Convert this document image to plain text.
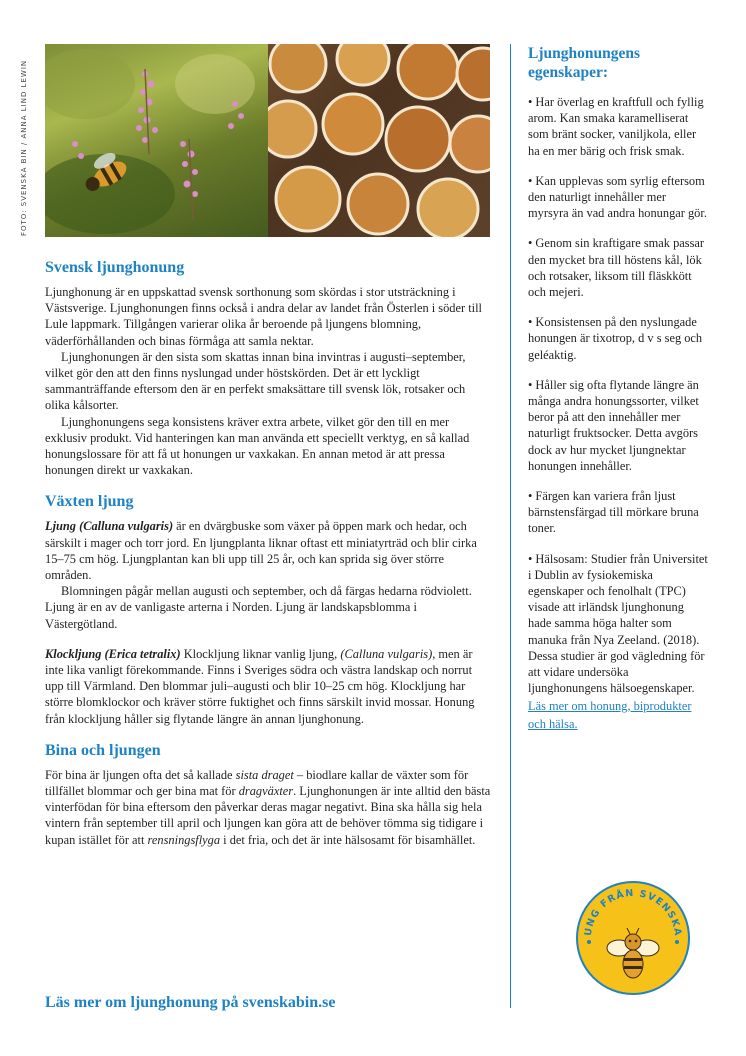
FOTO: SVENSKA BIN / ANNA LIND LEWIN
Svensk ljunghonung

Ljunghonung är en uppskattad svensk sorthonung som skördas i stor utsträckning i Västsverige. Ljunghonungen finns också i andra delar av landet från Österlen i söder till Lule lappmark. Tillgången varierar olika år beroende på ljungens blomning, väderförhållanden och binas förmåga att samla nektar.

Ljunghonungen är den sista som skattas innan bina invintras i augusti–september, vilket gör den att den finns nyslungad under höstskörden. Det är ett lyckligt sammanträffande eftersom den är en perfekt smaksättare till svensk lök, rotsaker och olika kålsorter.

Ljunghonungens sega konsistens kräver extra arbete, vilket gör den till en mer exklusiv produkt. Vid hanteringen kan man använda ett speciellt verktyg, en så kallad honungslossare för att få ut honungen ur vaxkakan. En annan metod är att pressa honungen direkt ur vaxkakan.

Växten ljung

Ljung (Calluna vulgaris) är en dvärgbuske som växer på öppen mark och hedar, och särskilt i mager och torr jord. En ljungplanta liknar oftast ett miniatyrträd och blir cirka 15–75 cm hög. Ljungplantan kan bli upp till 25 år, och kan sprida sig över större områden.

Blomningen pågår mellan augusti och september, och då färgas hedarna rödviolett. Ljung är en av de vanligaste arterna i Norden. Ljung är landskapsblomma i Västergötland.

Klockljung (Erica tetralix) Klockljung liknar vanlig ljung, (Calluna vulgaris), men är inte lika vanligt förekommande. Finns i Sveriges södra och västra landskap och norrut upp till Värmland. Den blommar juli–augusti och blir 10–25 cm hög. Klockljung har större blomklockor och kräver större fuktighet och finns särskilt invid mossar. Honung från klockljung håller sig flytande längre än annan ljunghonung.

Bina och ljungen

För bina är ljungen ofta det så kallade sista draget – biodlare kallar de växter som för tillfället blommar och ger bina mat för dragväxter. Ljunghonungen är inte alltid den bästa vinterfödan för bina eftersom den påverkar deras magar negativt. Bina ska hålla sig hela vintern från september till april och ljungen kan göra att de behöver tömma sig tidigare i kupan istället för att rensningsflyga i det fria, och det är inte hälsosamt för bisamhället.

Läs mer om ljunghonung på svenskabin.se
Ljunghonungens egenskaper:

• Har överlag en kraftfull och fyllig arom. Kan smaka karamelliserat som bränt socker, vaniljkola, eller ha en mer bärig och frisk smak.

• Kan upplevas som syrlig eftersom den naturligt innehåller mer myrsyra än vad andra honungar gör.

• Genom sin kraftigare smak passar den mycket bra till höstens kål, lök och rotsaker, liksom till fläskkött och mejeri.

• Konsistensen på den nyslungade honungen är tixotrop, d v s seg och geléaktig.

• Håller sig ofta flytande längre än många andra honungssorter, vilket beror på att den innehåller mer naturligt fruktsocker. Detta avgörs dock av hur mycket ljungnektar honungen innehåller.

• Färgen kan variera från ljust bärnstensfärgad till mörkare bruna toner.

• Hälsosam: Studier från Universitet i Dublin av fysiokemiska egenskaper och fenolhalt (TPC) visade att irländsk ljunghonung hade samma höga halter som manuka från Nya Zeeland. (2018). Dessa studier är god vägledning för att vidare undersöka ljunghonungens hälsoegenskaper.

Läs mer om honung, biprodukter och hälsa.
UNG FRÅN SVENSKA
